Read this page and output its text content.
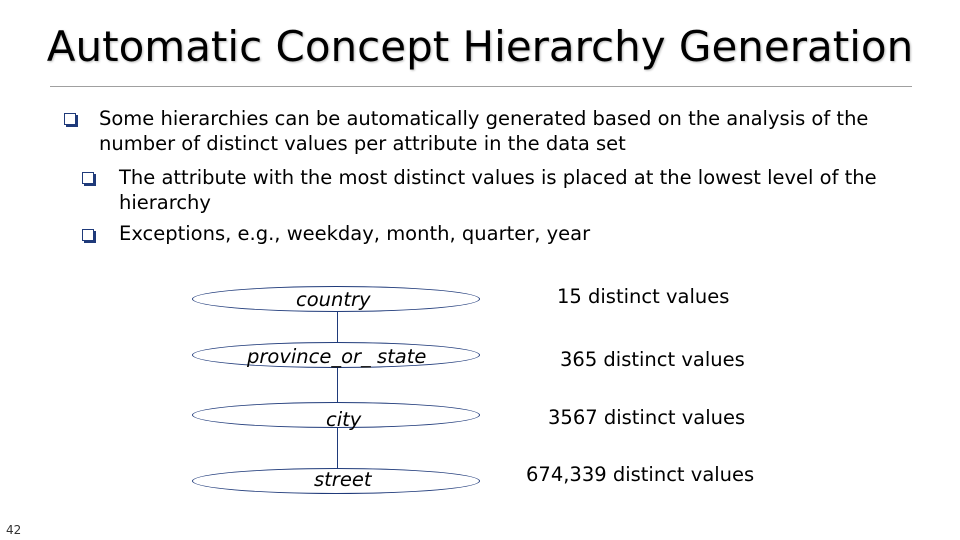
Automatic Concept Hierarchy Generation
Some hierarchies can be automatically generated based on the analysis of the
number of distinct values per attribute in the data set
The attribute with the most distinct values is placed at the lowest level of the
hierarchy
Exceptions, e.g., weekday, month, quarter, year
country
province_or_ state
city
street
15 distinct values
365 distinct values
3567 distinct values
674,339 distinct values
42
